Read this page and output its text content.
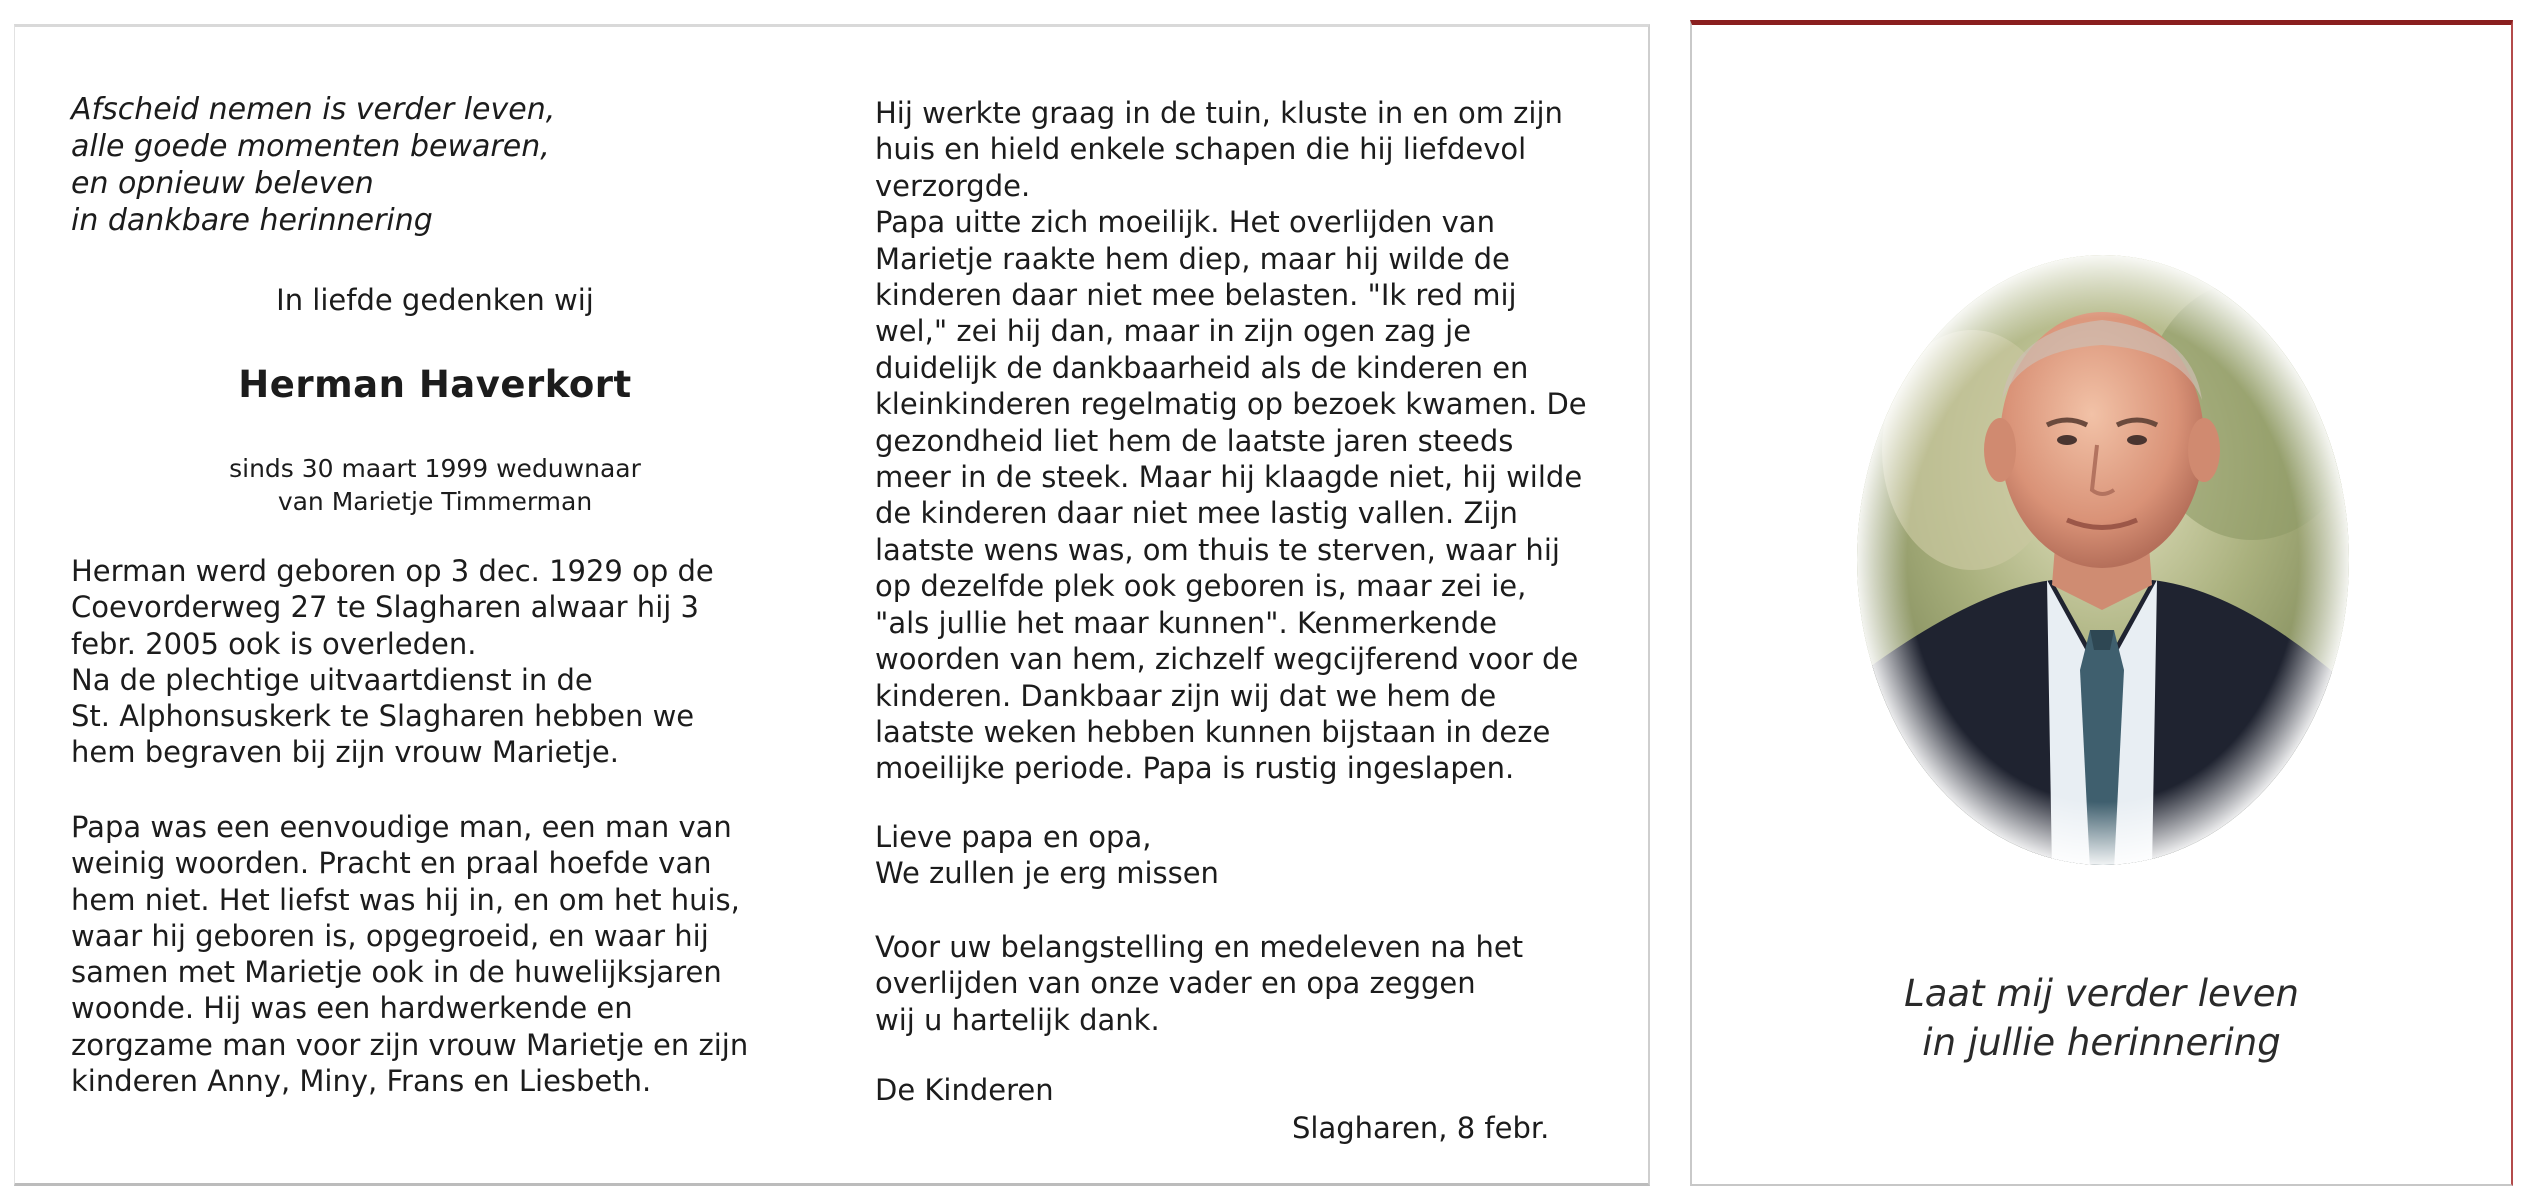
Afscheid nemen is verder leven,
alle goede momenten bewaren,
en opnieuw beleven
in dankbare herinnering
In liefde gedenken wij
Herman Haverkort
sinds 30 maart 1999 weduwnaar
van Marietje Timmerman
Herman werd geboren op 3 dec. 1929 op de
Coevorderweg 27 te Slagharen alwaar hij 3
febr. 2005 ook is overleden.
Na de plechtige uitvaartdienst in de
St. Alphonsuskerk te Slagharen hebben we
hem begraven bij zijn vrouw Marietje.
Papa was een eenvoudige man, een man van
weinig woorden. Pracht en praal hoefde van
hem niet. Het liefst was hij in, en om het huis,
waar hij geboren is, opgegroeid, en waar hij
samen met Marietje ook in de huwelijksjaren
woonde. Hij was een hardwerkende en
zorgzame man voor zijn vrouw Marietje en zijn
kinderen Anny, Miny, Frans en Liesbeth.
Hij werkte graag in de tuin, kluste in en om zijn
huis en hield enkele schapen die hij liefdevol
verzorgde.
Papa uitte zich moeilijk. Het overlijden van
Marietje raakte hem diep, maar hij wilde de
kinderen daar niet mee belasten. "Ik red mij
wel," zei hij dan, maar in zijn ogen zag je
duidelijk de dankbaarheid als de kinderen en
kleinkinderen regelmatig op bezoek kwamen. De
gezondheid liet hem de laatste jaren steeds
meer in de steek. Maar hij klaagde niet, hij wilde
de kinderen daar niet mee lastig vallen. Zijn
laatste wens was, om thuis te sterven, waar hij
op dezelfde plek ook geboren is, maar zei ie,
"als jullie het maar kunnen". Kenmerkende
woorden van hem, zichzelf wegcijferend voor de
kinderen. Dankbaar zijn wij dat we hem de
laatste weken hebben kunnen bijstaan in deze
moeilijke periode. Papa is rustig ingeslapen.
Lieve papa en opa,
We zullen je erg missen
Voor uw belangstelling en medeleven na het
overlijden van onze vader en opa zeggen
wij u hartelijk dank.
De Kinderen
Slagharen, 8 febr.
Laat mij verder leven
in jullie herinnering
